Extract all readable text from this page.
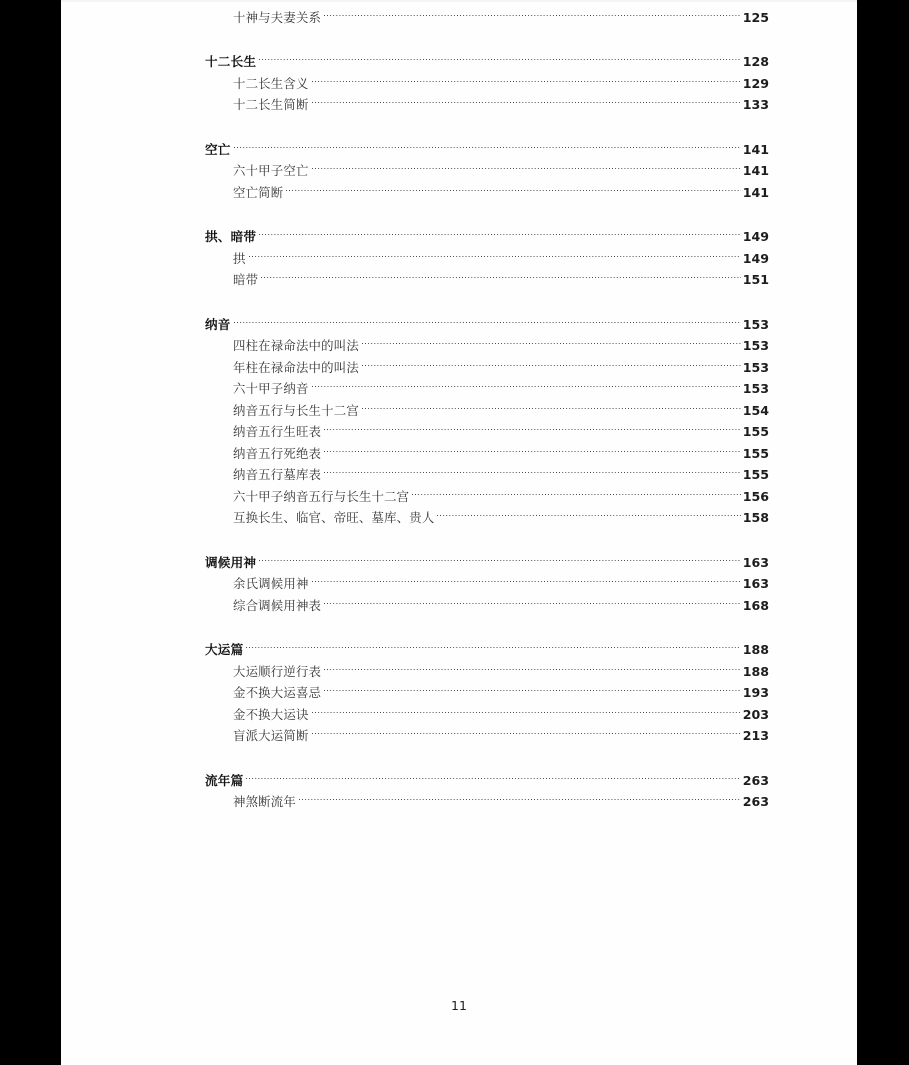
十神与夫妻关系	125
十二长生	128
十二长生含义	129
十二长生简断	133
空亡	141
六十甲子空亡	141
空亡简断	141
拱、暗带	149
拱	149
暗带	151
纳音	153
四柱在禄命法中的叫法	153
年柱在禄命法中的叫法	153
六十甲子纳音	153
纳音五行与长生十二宫	154
纳音五行生旺表	155
纳音五行死绝表	155
纳音五行墓库表	155
六十甲子纳音五行与长生十二宫	156
互换长生、临官、帝旺、墓库、贵人	158
调候用神	163
余氏调候用神	163
综合调候用神表	168
大运篇	188
大运顺行逆行表	188
金不换大运喜忌	193
金不换大运诀	203
盲派大运简断	213
流年篇	263
神煞断流年	263
11
